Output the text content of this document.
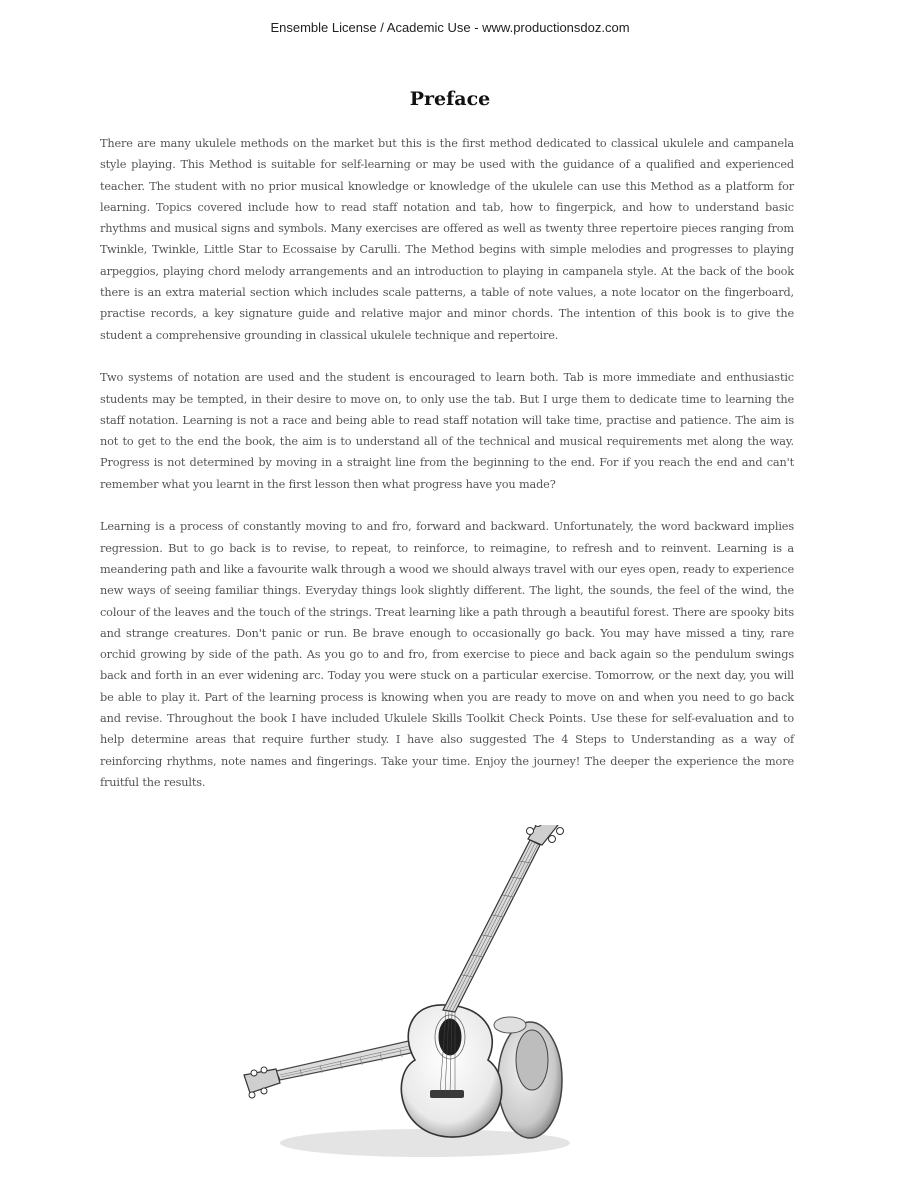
Ensemble License / Academic Use - www.productionsdoz.com
Preface

There are many ukulele methods on the market but this is the first method dedicated to classical ukulele and campanela style playing. This Method is suitable for self-learning or may be used with the guidance of a qualified and experienced teacher. The student with no prior musical knowledge or knowledge of the ukulele can use this Method as a platform for learning. Topics covered include how to read staff notation and tab, how to fingerpick, and how to understand basic rhythms and musical signs and symbols. Many exercises are offered as well as twenty three repertoire pieces ranging from Twinkle, Twinkle, Little Star to Ecossaise by Carulli. The Method begins with simple melodies and progresses to playing arpeggios, playing chord melody arrangements and an introduction to playing in campanela style. At the back of the book there is an extra material section which includes scale patterns, a table of note values, a note locator on the fingerboard, practise records, a key signature guide and relative major and minor chords. The intention of this book is to give the student a comprehensive grounding in classical ukulele technique and repertoire.

Two systems of notation are used and the student is encouraged to learn both. Tab is more immediate and enthusiastic students may be tempted, in their desire to move on, to only use the tab. But I urge them to dedicate time to learning the staff notation. Learning is not a race and being able to read staff notation will take time, practise and patience. The aim is not to get to the end the book, the aim is to understand all of the technical and musical requirements met along the way. Progress is not determined by moving in a straight line from the beginning to the end. For if you reach the end and can't remember what you learnt in the first lesson then what progress have you made?

Learning is a process of constantly moving to and fro, forward and backward. Unfortunately, the word backward implies regression. But to go back is to revise, to repeat, to reinforce, to reimagine, to refresh and to reinvent. Learning is a meandering path and like a favourite walk through a wood we should always travel with our eyes open, ready to experience new ways of seeing familiar things. Everyday things look slightly different. The light, the sounds, the feel of the wind, the colour of the leaves and the touch of the strings. Treat learning like a path through a beautiful forest. There are spooky bits and strange creatures. Don't panic or run. Be brave enough to occasionally go back. You may have missed a tiny, rare orchid growing by side of the path. As you go to and fro, from exercise to piece and back again so the pendulum swings back and forth in an ever widening arc. Today you were stuck on a particular exercise. Tomorrow, or the next day, you will be able to play it. Part of the learning process is knowing when you are ready to move on and when you need to go back and revise. Throughout the book I have included Ukulele Skills Toolkit Check Points. Use these for self-evaluation and to help determine areas that require further study. I have also suggested The 4 Steps to Understanding as a way of reinforcing rhythms, note names and fingerings. Take your time. Enjoy the journey! The deeper the experience the more fruitful the results.
